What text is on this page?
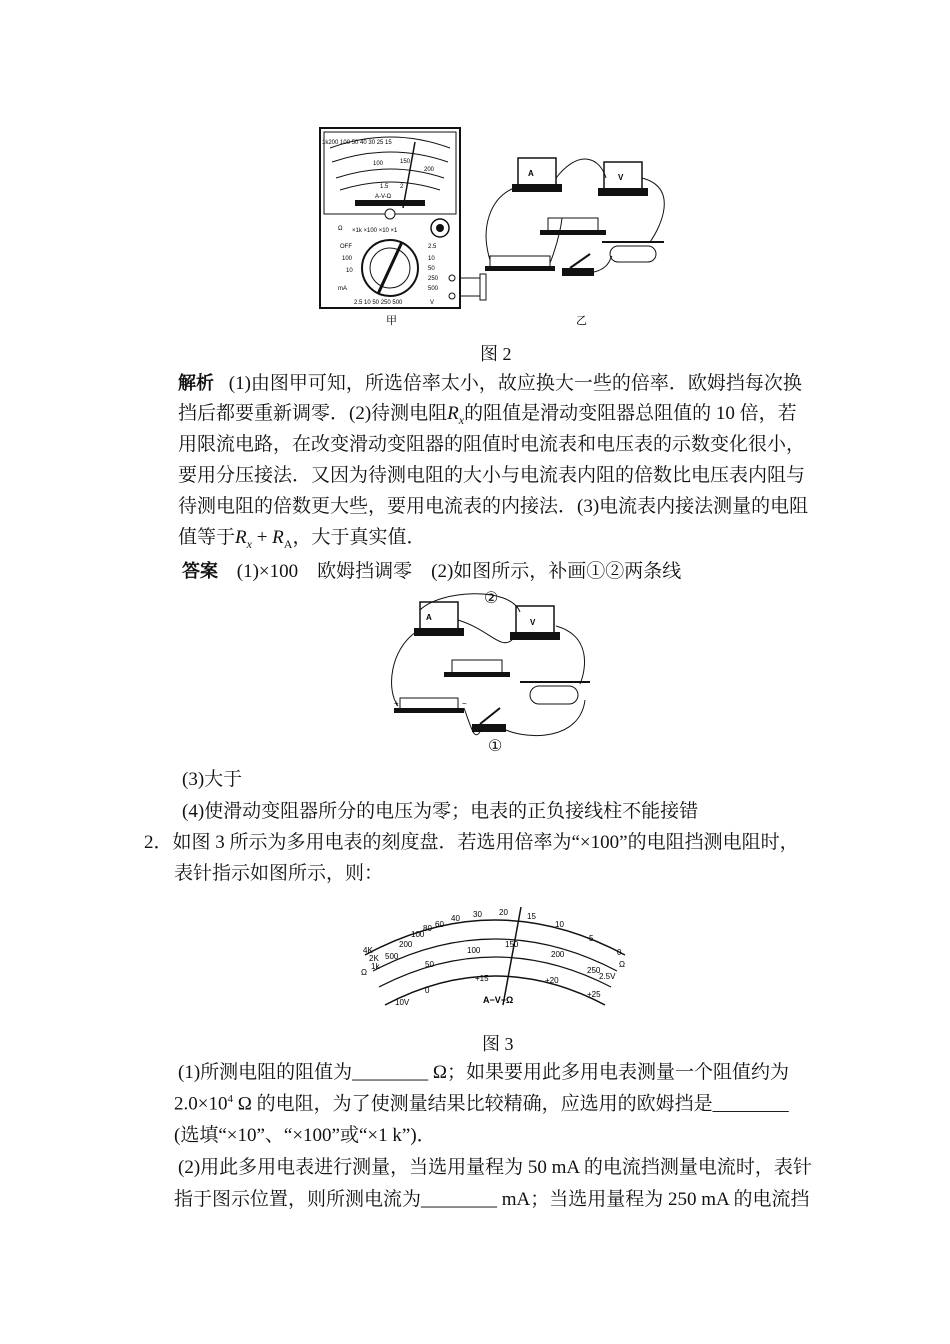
1k200 100 50 40 30 25 15
100	150
200
1.5 2
A-V-Ω
Ω ×1k ×100 ×10 ×1
OFF
100
10
2.5
10
50
250
500
mA
2.5 10 50 250 500	V
甲
A	V
乙
图 2
解析 (1)由图甲可知，所选倍率太小，故应换大一些的倍率．欧姆挡每次换
挡后都要重新调零．(2)待测电阻$R_x$的阻值是滑动变阻器总阻值的 10 倍，若
用限流电路，在改变滑动变阻器的阻值时电流表和电压表的示数变化很小，
要用分压接法．又因为待测电阻的大小与电流表内阻的倍数比电压表内阻与
待测电阻的倍数更大些，要用电流表的内接法．(3)电流表内接法测量的电阻
值等于$R_x + R_A$，大于真实值．
答案 (1)×100　欧姆挡调零　(2)如图所示，补画①②两条线
A
V
+	−
②
①
(3)大于
(4)使滑动变阻器所分的电压为零；电表的正负接线柱不能接错
2．如图 3 所示为多用电表的刻度盘．若选用倍率为“×100”的电阻挡测电阻时，
表针指示如图所示，则：
4K
2K
1k
500
200
100
80 60
40 30 20 15
10
5
0
Ω
Ω
50
150
100	200
250
10V
0
+15	+20
+25
2.5V
A−V−Ω
图 3
(1)所测电阻的阻值为________ Ω；如果要用此多用电表测量一个阻值约为
$2.0\times 10^4$ Ω 的电阻，为了使测量结果比较精确，应选用的欧姆挡是________
(选填“×10”、“×100”或“×1 k”)．
(2)用此多用电表进行测量，当选用量程为 50 mA 的电流挡测量电流时，表针
指于图示位置，则所测电流为________ mA；当选用量程为 250 mA 的电流挡
